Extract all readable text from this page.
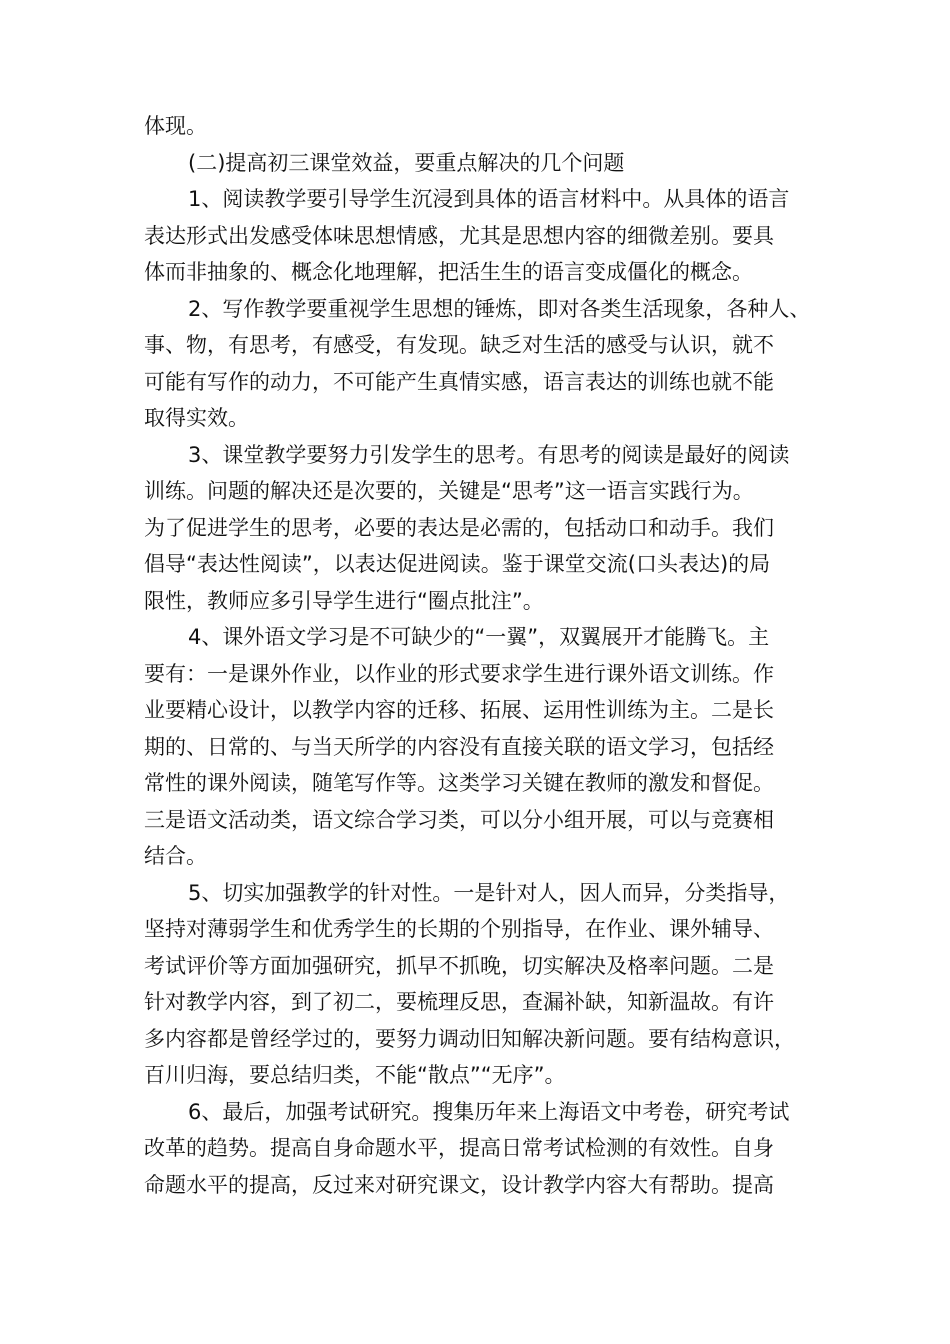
体现。
(二)提高初三课堂效益，要重点解决的几个问题
1、阅读教学要引导学生沉浸到具体的语言材料中。从具体的语言
表达形式出发感受体味思想情感，尤其是思想内容的细微差别。要具
体而非抽象的、概念化地理解，把活生生的语言变成僵化的概念。
2、写作教学要重视学生思想的锤炼，即对各类生活现象，各种人、
事、物，有思考，有感受，有发现。缺乏对生活的感受与认识，就不
可能有写作的动力，不可能产生真情实感，语言表达的训练也就不能
取得实效。
3、课堂教学要努力引发学生的思考。有思考的阅读是最好的阅读
训练。问题的解决还是次要的，关键是“思考”这一语言实践行为。
为了促进学生的思考，必要的表达是必需的，包括动口和动手。我们
倡导“表达性阅读”，以表达促进阅读。鉴于课堂交流(口头表达)的局
限性，教师应多引导学生进行“圈点批注”。
4、课外语文学习是不可缺少的“一翼”，双翼展开才能腾飞。主
要有：一是课外作业，以作业的形式要求学生进行课外语文训练。作
业要精心设计，以教学内容的迁移、拓展、运用性训练为主。二是长
期的、日常的、与当天所学的内容没有直接关联的语文学习，包括经
常性的课外阅读，随笔写作等。这类学习关键在教师的激发和督促。
三是语文活动类，语文综合学习类，可以分小组开展，可以与竞赛相
结合。
5、切实加强教学的针对性。一是针对人，因人而异，分类指导，
坚持对薄弱学生和优秀学生的长期的个别指导，在作业、课外辅导、
考试评价等方面加强研究，抓早不抓晚，切实解决及格率问题。二是
针对教学内容，到了初二，要梳理反思，查漏补缺，知新温故。有许
多内容都是曾经学过的，要努力调动旧知解决新问题。要有结构意识，
百川归海，要总结归类，不能“散点”“无序”。
6、最后，加强考试研究。搜集历年来上海语文中考卷，研究考试
改革的趋势。提高自身命题水平，提高日常考试检测的有效性。自身
命题水平的提高，反过来对研究课文，设计教学内容大有帮助。提高
